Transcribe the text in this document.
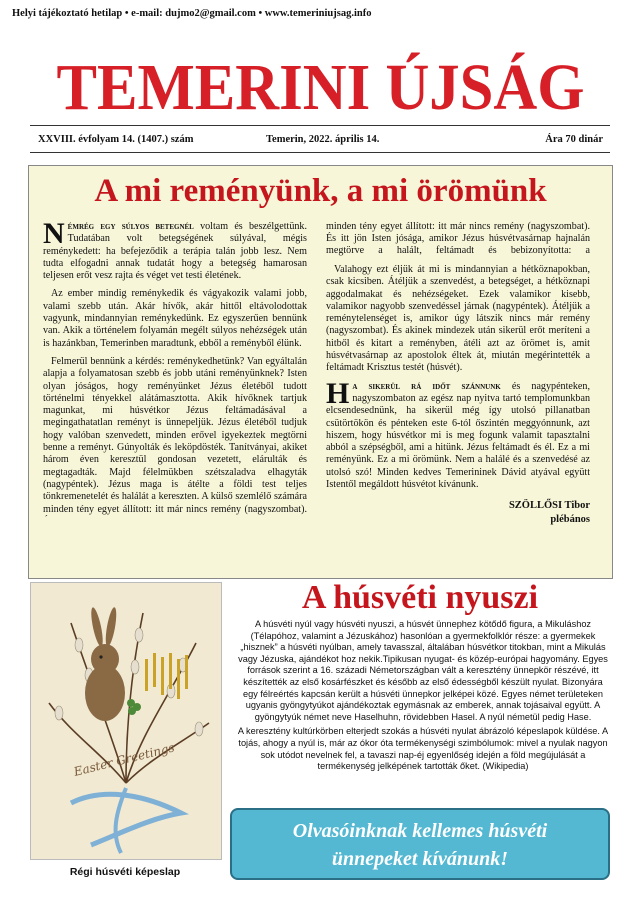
Helyi tájékoztató hetilap • e-mail: dujmo2@gmail.com • www.temeriniujsag.info
TEMERINI ÚJSÁG
XXVIII. évfolyam 14. (1407.) szám	Temerin, 2022. április 14.	Ára 70 dinár
A mi reményünk, a mi örömünk

Némrég egy súlyos betegnél voltam és beszélgettünk. Tudatában volt betegségének súlyával, mégis reménykedett: ha befejeződik a terápia talán jobb lesz. Nem tudta elfogadni annak tudatát hogy a betegség hamarosan teljesen erőt vesz rajta és véget vet testi életének.

Az ember mindig reménykedik és vágyakozik valami jobb, valami szebb után. Akár hívők, akár hittől eltávolodottak vagyunk, mindannyian reménykedünk. Ez egyszerűen bennünk van. Akik a történelem folyamán megélt súlyos nehézségek után is hazánkban, Temerinben maradtunk, ebből a reményből élünk.

Felmerül bennünk a kérdés: reménykedhetünk? Van egyáltalán alapja a folyamatosan szebb és jobb utáni reményünknek? Isten olyan jóságos, hogy reményünket Jézus életéből tudott történelmi tényekkel alátámasztotta. Akik hívőknek tartjuk magunkat, mi húsvétkor Jézus feltámadásával a megingathatatlan reményt is ünnepeljük. Jézus életéből tudjuk hogy valóban szenvedett, minden erővel igyekeztek megtörni benne a reményt. Gúnyolták és leköpdösték. Tanítványai, akiket három éven keresztül gondosan vezetett, elárulták és megtagadták. Majd félelmükben szétszaladva elhagyták (nagypéntek). Jézus maga is átélte a földi test teljes tönkremenetelét és halálát a kereszten. A külső szemlélő számára minden tény egyet állított: itt már nincs remény (nagyszombat).

minden tény egyet állított: itt már nincs remény (nagyszombat). És itt jön Isten jósága, amikor Jézus húsvétvasárnap hajnalán megtörve a halált, feltámadt és bebizonyította: a

Valahogy ezt éljük át mi is mindannyian a hétköznapokban, csak kicsiben. Átéljük a szenvedést, a betegséget, a hétköznapi aggodalmakat és nehézségeket. Ezek valamikor kisebb, valamikor nagyobb szenvedéssel járnak (nagypéntek). Átéljük a reménytelenséget is, amikor úgy látszik nincs már remény (nagyszombat). És akinek mindezek után sikerül erőt meríteni a hitből és kitart a reményben, átéli azt az örömet is, amit húsvétvasárnap az apostolok éltek át, miután megérintették a feltámadt Krisztus testét (húsvét).

Ha sikerül rá időt szánnunk és nagypénteken, nagyszombaton az egész nap nyitva tartó templomunkban elcsendesednünk, ha sikerül még így utolsó pillanatban csütörtökön és pénteken este 6-tól őszintén meggyónnunk, azt hiszem, hogy húsvétkor mi is meg fogunk valamit tapasztalni abból a szépségből, ami a hitünk. Jézus feltámadt és él. Ez a mi reményünk. Ez a mi örömünk. Nem a halálé és a szenvedésé az utolsó szó! Minden kedves Temerininek Dávid atyával együtt Istentől megáldott húsvétot kívánunk.

SZÖLLŐSI Tibor
plébános
Easter Greetings
Régi húsvéti képeslap
A húsvéti nyuszi

A húsvéti nyúl vagy húsvéti nyuszi, a húsvét ünnephez kötődő figura, a Mikuláshoz (Télapóhoz, valamint a Jézuskához) hasonlóan a gyermekfolklór része: a gyermekek „hisznek” a húsvéti nyúlban, amely tavasszal, általában húsvétkor titokban, mint a Mikulás vagy Jézuska, ajándékot hoz nekik.Tipikusan nyugat- és közép-európai hagyomány. Egyes források szerint a 16. századi Németországban vált a keresztény ünnepkör részévé, itt készítették az első kosárfészket és később az első édességből készült nyulat. Bizonyára egy félreértés kapcsán került a húsvéti ünnepkor jelképei közé. Egyes német területeken ugyanis gyöngytyúkot ajándékoztak egymásnak az emberek, annak tojásaival együtt. A gyöngytyúk német neve Haselhuhn, rövidebben Hasel. A nyúl németül pedig Hase.

A keresztény kultúrkörben elterjedt szokás a húsvéti nyulat ábrázoló képeslapok küldése. A tojás, ahogy a nyúl is, már az ókor óta termékenységi szimbólumok: mivel a nyulak nagyon sok utódot nevelnek fel, a tavaszi nap-éj egyenlőség idején a föld megújulását a termékenység jelképének tartották őket. (Wikipedia)

Olvasóinknak kellemes húsvéti
ünnepeket kívánunk!
